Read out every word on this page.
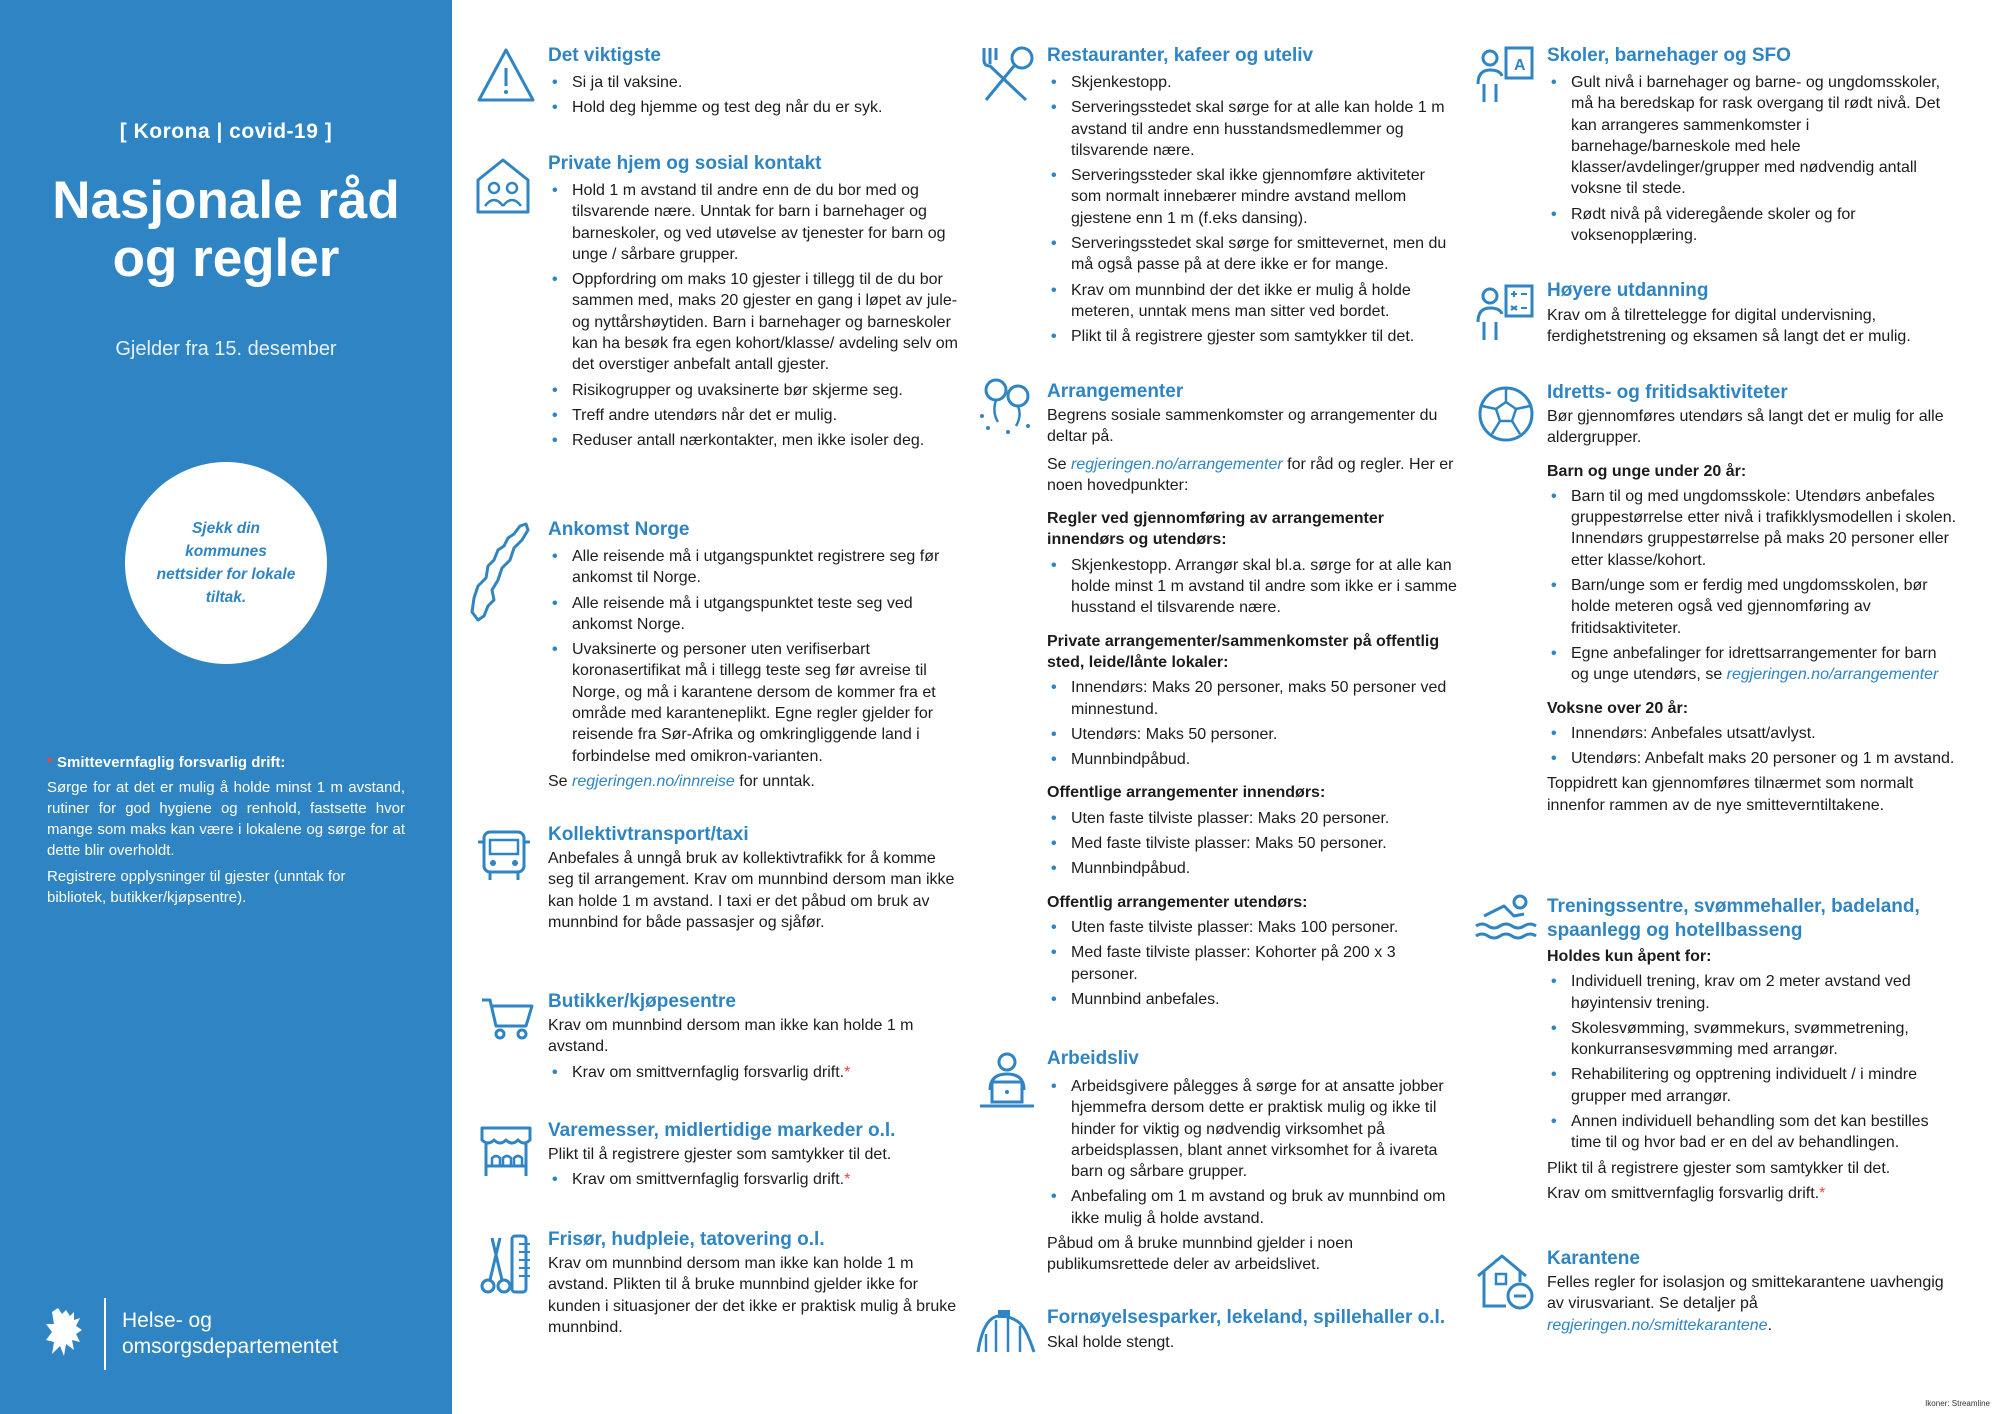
[ Korona | covid-19 ]
Nasjonale råd
og regler
Gjelder fra 15. desember
Sjekk din kommunes nettsider for lokale tiltak.
* Smittevernfaglig forsvarlig drift:
Sørge for at det er mulig å holde minst 1 m avstand, rutiner for god hygiene og renhold, fastsette hvor mange som maks kan være i lokalene og sørge for at dette blir overholdt.
Registrere opplysninger til gjester (unntak for bibliotek, butikker/kjøpsentre).
Helse- og
omsorgsdepartementet
Det viktigste
• Si ja til vaksine.
• Hold deg hjemme og test deg når du er syk.
Private hjem og sosial kontakt
• Hold 1 m avstand til andre enn de du bor med og tilsvarende nære. Unntak for barn i barnehager og barneskoler, og ved utøvelse av tjenester for barn og unge / sårbare grupper.
• Oppfordring om maks 10 gjester i tillegg til de du bor sammen med, maks 20 gjester en gang i løpet av jule- og nyttårshøytiden. Barn i barnehager og barneskoler kan ha besøk fra egen kohort/klasse/ avdeling selv om det overstiger anbefalt antall gjester.
• Risikogrupper og uvaksinerte bør skjerme seg.
• Treff andre utendørs når det er mulig.
• Reduser antall nærkontakter, men ikke isoler deg.
Ankomst Norge
• Alle reisende må i utgangspunktet registrere seg før ankomst til Norge.
• Alle reisende må i utgangspunktet teste seg ved ankomst Norge.
• Uvaksinerte og personer uten verifiserbart koronasertifikat må i tillegg teste seg før avreise til Norge, og må i karantene dersom de kommer fra et område med karanteneplikt. Egne regler gjelder for reisende fra Sør-Afrika og omkringliggende land i forbindelse med omikron-varianten.

Se regjeringen.no/innreise for unntak.

Kollektivtransport/taxi

Anbefales å unngå bruk av kollektivtrafikk for å komme seg til arrangement. Krav om munnbind dersom man ikke kan holde 1 m avstand. I taxi er det påbud om bruk av munnbind for både passasjer og sjåfør.

Butikker/kjøpesentre

Krav om munnbind dersom man ikke kan holde 1 m avstand.

• Krav om smittvernfaglig forsvarlig drift.*
Varemesser, midlertidige markeder o.l.

Plikt til å registrere gjester som samtykker til det.

• Krav om smittvernfaglig forsvarlig drift.*
Frisør, hudpleie, tatovering o.l.

Krav om munnbind dersom man ikke kan holde 1 m avstand. Plikten til å bruke munnbind gjelder ikke for kunden i situasjoner der det ikke er praktisk mulig å bruke munnbind.

Restauranter, kafeer og uteliv
• Skjenkestopp.
• Serveringsstedet skal sørge for at alle kan holde 1 m avstand til andre enn husstandsmedlemmer og tilsvarende nære.
• Serveringssteder skal ikke gjennomføre aktiviteter som normalt innebærer mindre avstand mellom gjestene enn 1 m (f.eks dansing).
• Serveringsstedet skal sørge for smittevernet, men du må også passe på at dere ikke er for mange.
• Krav om munnbind der det ikke er mulig å holde meteren, unntak mens man sitter ved bordet.
• Plikt til å registrere gjester som samtykker til det.
Arrangementer

Begrens sosiale sammenkomster og arrangementer du deltar på.

Se regjeringen.no/arrangementer for råd og regler. Her er noen hovedpunkter:

Regler ved gjennomføring av arrangementer innendørs og utendørs:

• Skjenkestopp. Arrangør skal bl.a. sørge for at alle kan holde minst 1 m avstand til andre som ikke er i samme husstand el tilsvarende nære.

Private arrangementer/sammenkomster på offentlig sted, leide/lånte lokaler:

• Innendørs: Maks 20 personer, maks 50 personer ved minnestund.
• Utendørs: Maks 50 personer.
• Munnbindpåbud.

Offentlige arrangementer innendørs:

• Uten faste tilviste plasser: Maks 20 personer.
• Med faste tilviste plasser: Maks 50 personer.
• Munnbindpåbud.

Offentlig arrangementer utendørs:

• Uten faste tilviste plasser: Maks 100 personer.
• Med faste tilviste plasser: Kohorter på 200 x 3 personer.
• Munnbind anbefales.
Arbeidsliv
• Arbeidsgivere pålegges å sørge for at ansatte jobber hjemmefra dersom dette er praktisk mulig og ikke til hinder for viktig og nødvendig virksomhet på arbeidsplassen, blant annet virksomhet for å ivareta barn og sårbare grupper.
• Anbefaling om 1 m avstand og bruk av munnbind om ikke mulig å holde avstand.

Påbud om å bruke munnbind gjelder i noen publikumsrettede deler av arbeidslivet.

Fornøyelsesparker, lekeland, spillehaller o.l.

Skal holde stengt.

A Skoler, barnehager og SFO
• Gult nivå i barnehager og barne- og ungdomsskoler, må ha beredskap for rask overgang til rødt nivå. Det kan arrangeres sammenkomster i barnehage/barneskole med hele klasser/avdelinger/grupper med nødvendig antall voksne til stede.
• Rødt nivå på videregående skoler og for voksenopplæring.
Høyere utdanning

Krav om å tilrettelegge for digital undervisning, ferdighetstrening og eksamen så langt det er mulig.

Idretts- og fritidsaktiviteter

Bør gjennomføres utendørs så langt det er mulig for alle aldergrupper.

Barn og unge under 20 år:

• Barn til og med ungdomsskole: Utendørs anbefales gruppestørrelse etter nivå i trafikklysmodellen i skolen. Innendørs gruppestørrelse på maks 20 personer eller etter klasse/kohort.
• Barn/unge som er ferdig med ungdomsskolen, bør holde meteren også ved gjennomføring av fritidsaktiviteter.
• Egne anbefalinger for idrettsarrangementer for barn og unge utendørs, se regjeringen.no/arrangementer

Voksne over 20 år:

• Innendørs: Anbefales utsatt/avlyst.
• Utendørs: Anbefalt maks 20 personer og 1 m avstand.

Toppidrett kan gjennomføres tilnærmet som normalt innenfor rammen av de nye smitteverntiltakene.

Treningssentre, svømmehaller, badeland,
spaanlegg og hotellbasseng

Holdes kun åpent for:

• Individuell trening, krav om 2 meter avstand ved høyintensiv trening.
• Skolesvømming, svømmekurs, svømmetrening, konkurransesvømming med arrangør.
• Rehabilitering og opptrening individuelt / i mindre grupper med arrangør.
• Annen individuell behandling som det kan bestilles time til og hvor bad er en del av behandlingen.

Plikt til å registrere gjester som samtykker til det.

Krav om smittvernfaglig forsvarlig drift.*

Karantene

Felles regler for isolasjon og smittekarantene uavhengig av virusvariant. Se detaljer på regjeringen.no/smittekarantene.

Ikoner: Streamline
